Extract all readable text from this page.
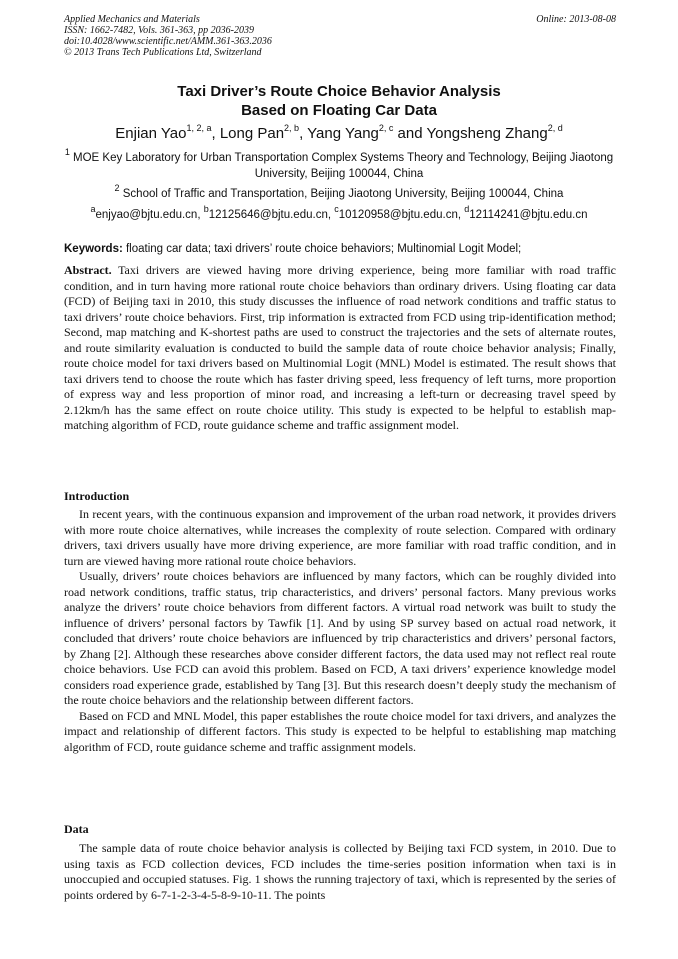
Applied Mechanics and Materials
ISSN: 1662-7482, Vols. 361-363, pp 2036-2039
doi:10.4028/www.scientific.net/AMM.361-363.2036
© 2013 Trans Tech Publications Ltd, Switzerland
Online: 2013-08-08
Taxi Driver’s Route Choice Behavior Analysis
Based on Floating Car Data
Enjian Yao$^{1, 2, a}$, Long Pan$^{2, b}$, Yang Yang$^{2, c}$ and Yongsheng Zhang$^{2, d}$
$^1$ MOE Key Laboratory for Urban Transportation Complex Systems Theory and Technology, Beijing Jiaotong University, Beijing 100044, China
$^2$ School of Traffic and Transportation, Beijing Jiaotong University, Beijing 100044, China
$^a$enjyao@bjtu.edu.cn, $^b$12125646@bjtu.edu.cn, $^c$10120958@bjtu.edu.cn, $^d$12114241@bjtu.edu.cn
Keywords: floating car data; taxi drivers’ route choice behaviors; Multinomial Logit Model;
Abstract. Taxi drivers are viewed having more driving experience, being more familiar with road traffic condition, and in turn having more rational route choice behaviors than ordinary drivers. Using floating car data (FCD) of Beijing taxi in 2010, this study discusses the influence of road network conditions and traffic status to taxi drivers’ route choice behaviors. First, trip information is extracted from FCD using trip-identification method; Second, map matching and K-shortest paths are used to construct the trajectories and the sets of alternate routes, and route similarity evaluation is conducted to build the sample data of route choice behavior analysis; Finally, route choice model for taxi drivers based on Multinomial Logit (MNL) Model is estimated. The result shows that taxi drivers tend to choose the route which has faster driving speed, less frequency of left turns, more proportion of express way and less proportion of minor road, and increasing a left-turn or decreasing travel speed by 2.12km/h has the same effect on route choice utility. This study is expected to be helpful to establish map-matching algorithm of FCD, route guidance scheme and traffic assignment model.
Introduction

In recent years, with the continuous expansion and improvement of the urban road network, it provides drivers with more route choice alternatives, while increases the complexity of route selection. Compared with ordinary drivers, taxi drivers usually have more driving experience, are more familiar with road traffic condition, and in turn are viewed having more rational route choice behaviors.

Usually, drivers’ route choices behaviors are influenced by many factors, which can be roughly divided into road network conditions, traffic status, trip characteristics, and drivers’ personal factors. Many previous works analyze the drivers’ route choice behaviors from different factors. A virtual road network was built to study the influence of drivers’ personal factors by Tawfik [1]. And by using SP survey based on actual road network, it concluded that drivers’ route choice behaviors are influenced by trip characteristics and drivers’ personal factors, by Zhang [2]. Although these researches above consider different factors, the data used may not reflect real route choice behaviors. Use FCD can avoid this problem. Based on FCD, A taxi drivers’ experience knowledge model considers road experience grade, established by Tang [3]. But this research doesn’t deeply study the mechanism of the route choice behaviors and the relationship between different factors.

Based on FCD and MNL Model, this paper establishes the route choice model for taxi drivers, and analyzes the impact and relationship of different factors. This study is expected to be helpful to establishing map matching algorithm of FCD, route guidance scheme and traffic assignment models.

Data

The sample data of route choice behavior analysis is collected by Beijing taxi FCD system, in 2010. Due to using taxis as FCD collection devices, FCD includes the time-series position information when taxi is in unoccupied and occupied statuses. Fig. 1 shows the running trajectory of taxi, which is represented by the series of points ordered by 6-7-1-2-3-4-5-8-9-10-11. The points
